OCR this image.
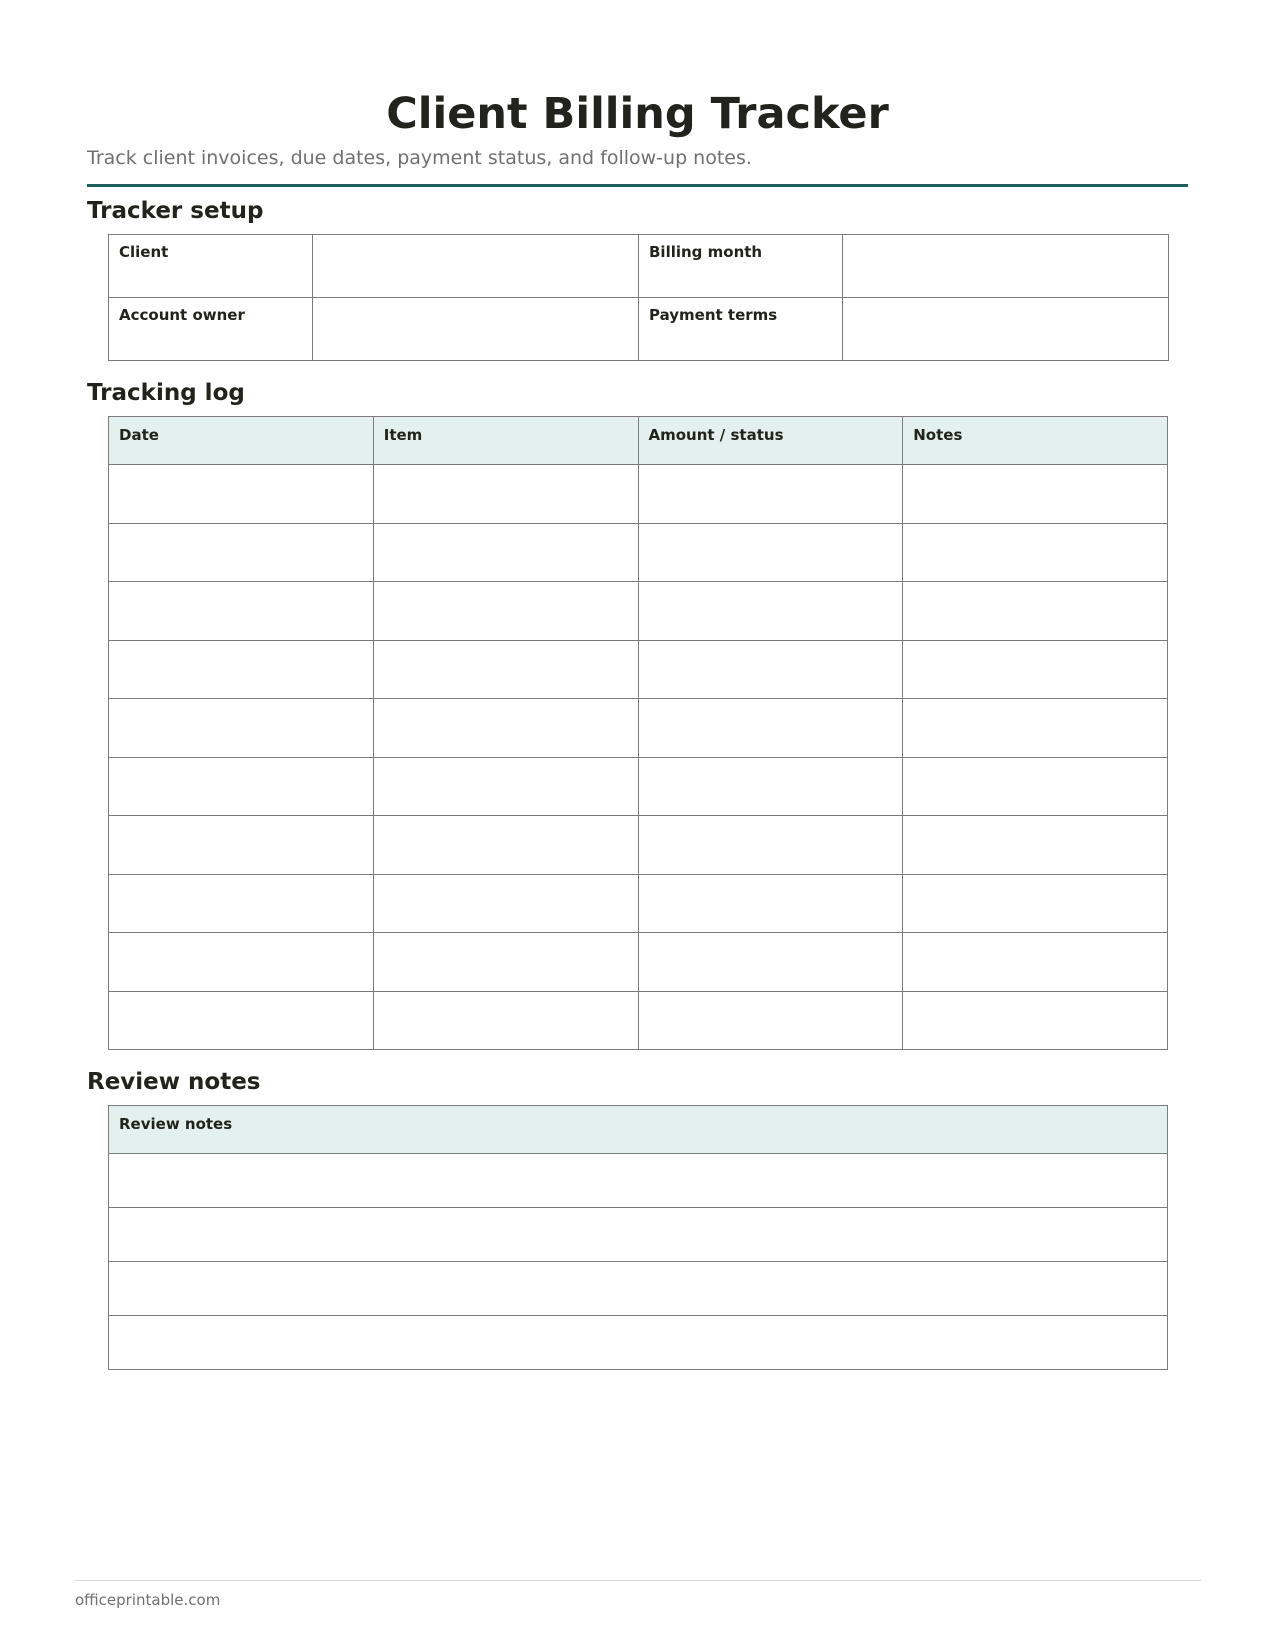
Client Billing Tracker

Track client invoices, due dates, payment status, and follow-up notes.

Tracker setup
Client		Billing month	
Account owner		Payment terms	
Tracking log
Date	Item	Amount / status	Notes

Review notes
Review notes

officeprintable.com
